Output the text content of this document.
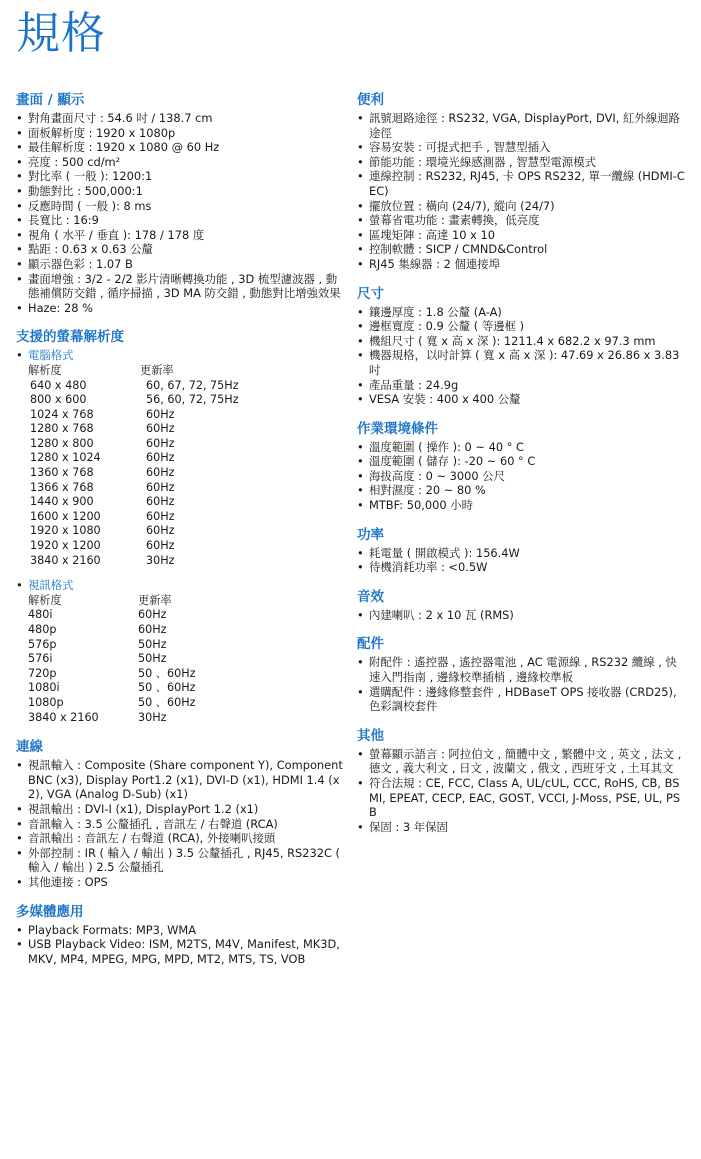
規格
畫面 / 顯示
• 對角畫面尺寸 : 54.6 吋 / 138.7 cm
• 面板解析度 : 1920 x 1080p
• 最佳解析度 : 1920 x 1080 @ 60 Hz
• 亮度 : 500 cd/m²
• 對比率 ( 一般 ): 1200:1
• 動態對比 : 500,000:1
• 反應時間 ( 一般 ): 8 ms
• 長寬比 : 16:9
• 視角 ( 水平 / 垂直 ): 178 / 178 度
• 點距 : 0.63 x 0.63 公釐
• 顯示器色彩 : 1.07 B
• 畫面增強 : 3/2 - 2/2 影片清晰轉換功能 , 3D 梳型濾波器 , 動態補償防交錯 , 循序掃描 , 3D MA 防交錯 , 動態對比增強效果
• Haze: 28 %
支援的螢幕解析度
• 電腦格式
解析度	更新率
640 x 480	60, 67, 72, 75Hz
800 x 600	56, 60, 72, 75Hz
1024 x 768	60Hz
1280 x 768	60Hz
1280 x 800	60Hz
1280 x 1024	60Hz
1360 x 768	60Hz
1366 x 768	60Hz
1440 x 900	60Hz
1600 x 1200	60Hz
1920 x 1080	60Hz
1920 x 1200	60Hz
3840 x 2160	30Hz
• 視訊格式
解析度	更新率
480i	60Hz
480p	60Hz
576p	50Hz
576i	50Hz
720p	50 、60Hz
1080i	50 、60Hz
1080p	50 、60Hz
3840 x 2160	30Hz
連線
• 視訊輸入 : Composite (Share component Y), Component BNC (x3), Display Port1.2 (x1), DVI-D (x1), HDMI 1.4 (x2), VGA (Analog D-Sub) (x1)
• 視訊輸出 : DVI-I (x1), DisplayPort 1.2 (x1)
• 音訊輸入 : 3.5 公釐插孔 , 音訊左 / 右聲道 (RCA)
• 音訊輸出 : 音訊左 / 右聲道 (RCA), 外接喇叭接頭
• 外部控制 : IR ( 輸入 / 輸出 ) 3.5 公釐插孔 , RJ45, RS232C ( 輸入 / 輸出 ) 2.5 公釐插孔
• 其他連接 : OPS
多媒體應用
• Playback Formats: MP3, WMA
• USB Playback Video: ISM, M2TS, M4V, Manifest, MK3D, MKV, MP4, MPEG, MPG, MPD, MT2, MTS, TS, VOB
便利
• 訊號迴路途徑 : RS232, VGA, DisplayPort, DVI, 紅外線迴路途徑
• 容易安裝 : 可提式把手 , 智慧型插入
• 節能功能 : 環境光線感測器 , 智慧型電源模式
• 連線控制 : RS232, RJ45, 卡 OPS RS232, 單一纜線 (HDMI-CEC)
• 擺放位置 : 橫向 (24/7), 縱向 (24/7)
• 螢幕省電功能 : 畫素轉換，低亮度
• 區塊矩陣 : 高達 10 x 10
• 控制軟體 : SICP / CMND&Control
• RJ45 集線器 : 2 個連接埠
尺寸
• 鑲邊厚度 : 1.8 公釐 (A-A)
• 邊框寬度 : 0.9 公釐 ( 等邊框 )
• 機組尺寸 ( 寬 x 高 x 深 ): 1211.4 x 682.2 x 97.3 mm
• 機器規格，以吋計算 ( 寬 x 高 x 深 ): 47.69 x 26.86 x 3.83 吋
• 產品重量 : 24.9g
• VESA 安裝 : 400 x 400 公釐
作業環境條件
• 溫度範圍 ( 操作 ): 0 ~ 40 ° C
• 溫度範圍 ( 儲存 ): -20 ~ 60 ° C
• 海拔高度 : 0 ~ 3000 公尺
• 相對濕度 : 20 ~ 80 %
• MTBF: 50,000 小時
功率
• 耗電量 ( 開啟模式 ): 156.4W
• 待機消耗功率 : <0.5W
音效
• 內建喇叭 : 2 x 10 瓦 (RMS)
配件
• 附配件 : 遙控器 , 遙控器電池 , AC 電源線 , RS232 纜線 , 快速入門指南 , 邊緣校準插梢 , 邊緣校準板
• 選購配件 : 邊緣修整套件 , HDBaseT OPS 接收器 (CRD25), 色彩調校套件
其他
• 螢幕顯示語言 : 阿拉伯文 , 簡體中文 , 繁體中文 , 英文 , 法文 , 德文 , 義大利文 , 日文 , 波蘭文 , 俄文 , 西班牙文 , 土耳其文
• 符合法規 : CE, FCC, Class A, UL/cUL, CCC, RoHS, CB, BSMI, EPEAT, CECP, EAC, GOST, VCCI, J-Moss, PSE, UL, PSB
• 保固 : 3 年保固
